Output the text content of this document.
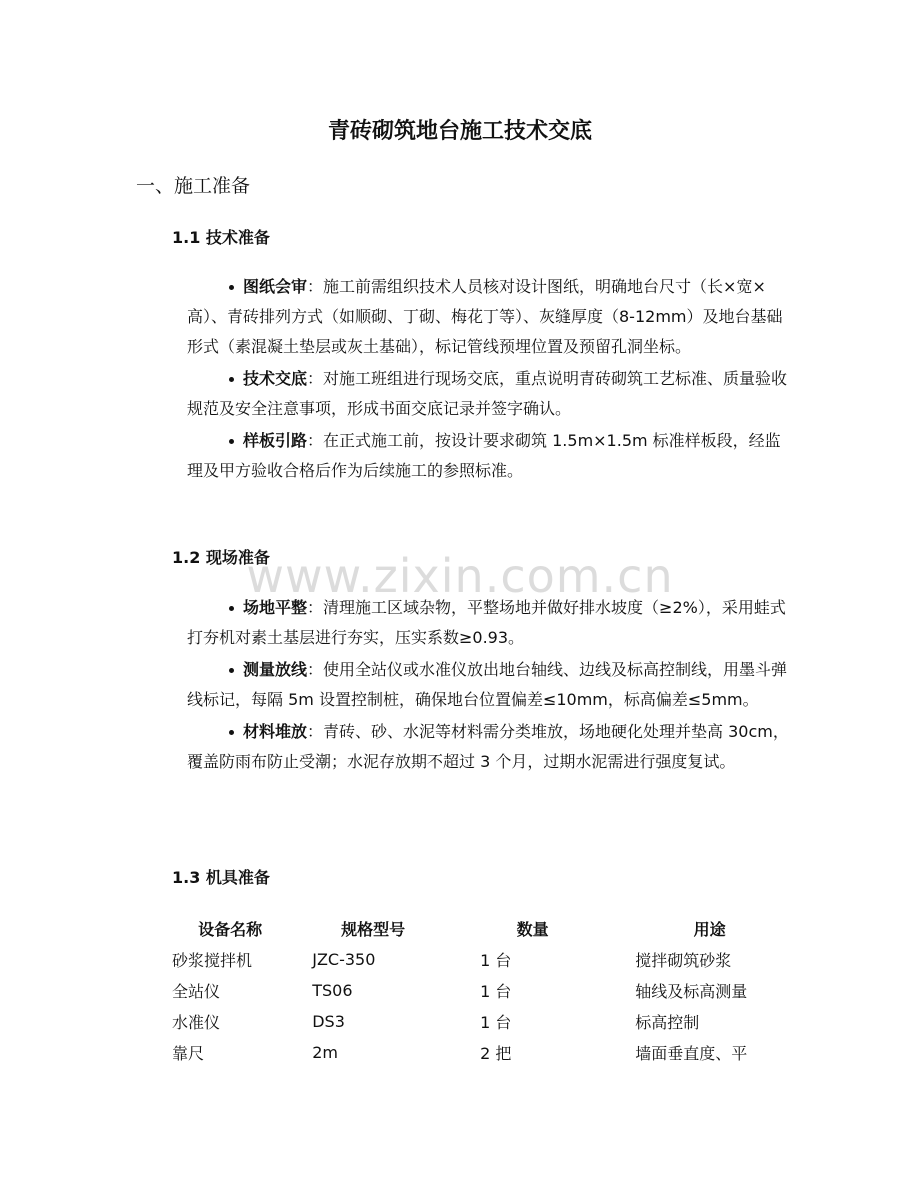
青砖砌筑地台施工技术交底
一、施工准备
1.1 技术准备
图纸会审：施工前需组织技术人员核对设计图纸，明确地台尺寸（长×宽×高）、青砖排列方式（如顺砌、丁砌、梅花丁等）、灰缝厚度（8-12mm）及地台基础形式（素混凝土垫层或灰土基础），标记管线预埋位置及预留孔洞坐标。
技术交底：对施工班组进行现场交底，重点说明青砖砌筑工艺标准、质量验收规范及安全注意事项，形成书面交底记录并签字确认。
样板引路：在正式施工前，按设计要求砌筑 1.5m×1.5m 标准样板段，经监理及甲方验收合格后作为后续施工的参照标准。
www.zixin.com.cn
1.2 现场准备
场地平整：清理施工区域杂物，平整场地并做好排水坡度（≥2%），采用蛙式打夯机对素土基层进行夯实，压实系数≥0.93。
测量放线：使用全站仪或水准仪放出地台轴线、边线及标高控制线，用墨斗弹线标记，每隔 5m 设置控制桩，确保地台位置偏差≤10mm，标高偏差≤5mm。
材料堆放：青砖、砂、水泥等材料需分类堆放，场地硬化处理并垫高 30cm，覆盖防雨布防止受潮；水泥存放期不超过 3 个月，过期水泥需进行强度复试。
1.3 机具准备
设备名称	规格型号	数量	用途
砂浆搅拌机	JZC-350	1 台	搅拌砌筑砂浆
全站仪	TS06	1 台	轴线及标高测量
水准仪	DS3	1 台	标高控制
靠尺	2m	2 把	墙面垂直度、平
